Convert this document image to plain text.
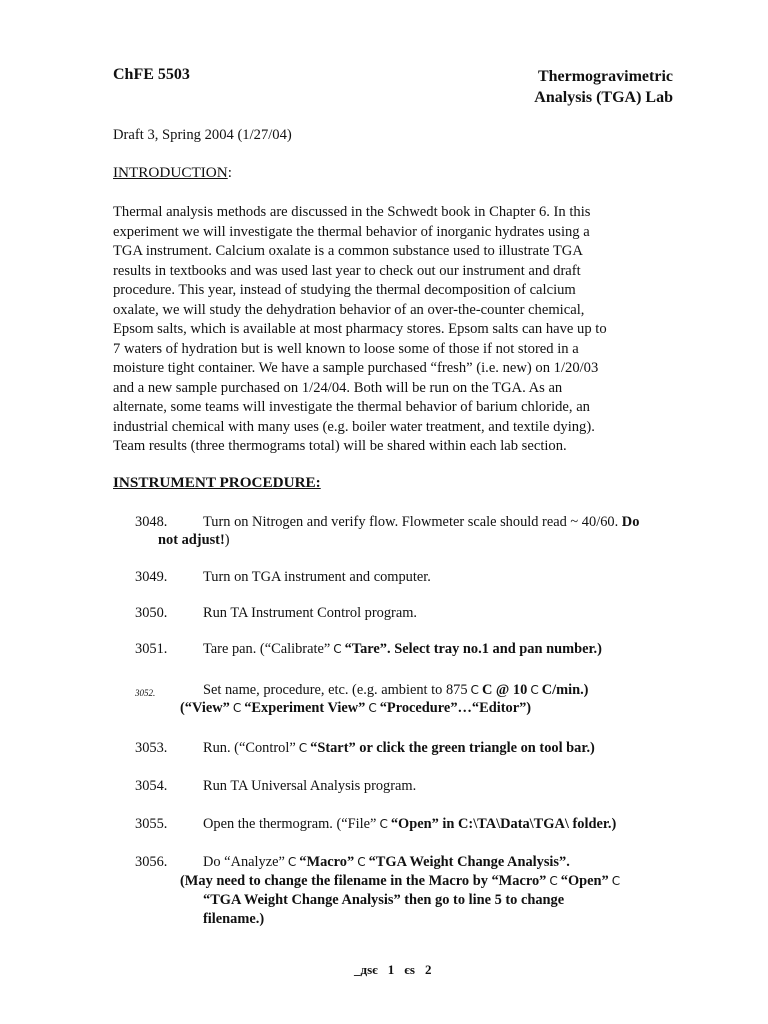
ChFE 5503	Thermogravimetric
Analysis (TGA) Lab
Draft 3, Spring 2004 (1/27/04)
INTRODUCTION:
Thermal analysis methods are discussed in the Schwedt book in Chapter 6. In this
experiment we will investigate the thermal behavior of inorganic hydrates using a
TGA instrument. Calcium oxalate is a common substance used to illustrate TGA
results in textbooks and was used last year to check out our instrument and draft
procedure. This year, instead of studying the thermal decomposition of calcium
oxalate, we will study the dehydration behavior of an over-the-counter chemical,
Epsom salts, which is available at most pharmacy stores. Epsom salts can have up to
7 waters of hydration but is well known to loose some of those if not stored in a
moisture tight container. We have a sample purchased “fresh” (i.e. new) on 1/20/03
and a new sample purchased on 1/24/04. Both will be run on the TGA. As an
alternate, some teams will investigate the thermal behavior of barium chloride, an
industrial chemical with many uses (e.g. boiler water treatment, and textile dying).
Team results (three thermograms total) will be shared within each lab section.
INSTRUMENT PROCEDURE:
3048. Turn on Nitrogen and verify flow. Flowmeter scale should read ~ 40/60. Do
not adjust!)
3049. Turn on TGA instrument and computer.
3050. Run TA Instrument Control program.
3051. Tare pan. (“Calibrate” С “Tare”. Select tray no.1 and pan number.)
3052.	Set name, procedure, etc. (e.g. ambient to 875 С C @ 10 С C/min.)
(“View” С “Experiment View” С “Procedure”…“Editor”)
3053. Run. (“Control” С “Start” or click the green triangle on tool bar.)
3054. Run TA Universal Analysis program.
3055. Open the thermogram. (“File” С “Open” in C:\TA\Data\TGA\ folder.)
3056. Do “Analyze” С “Macro” С “TGA Weight Change Analysis”.
(May need to change the filename in the Macro by “Macro” С “Open” С
“TGA Weight Change Analysis” then go to line 5 to change
filename.)
_дѕє 1 єѕ 2
